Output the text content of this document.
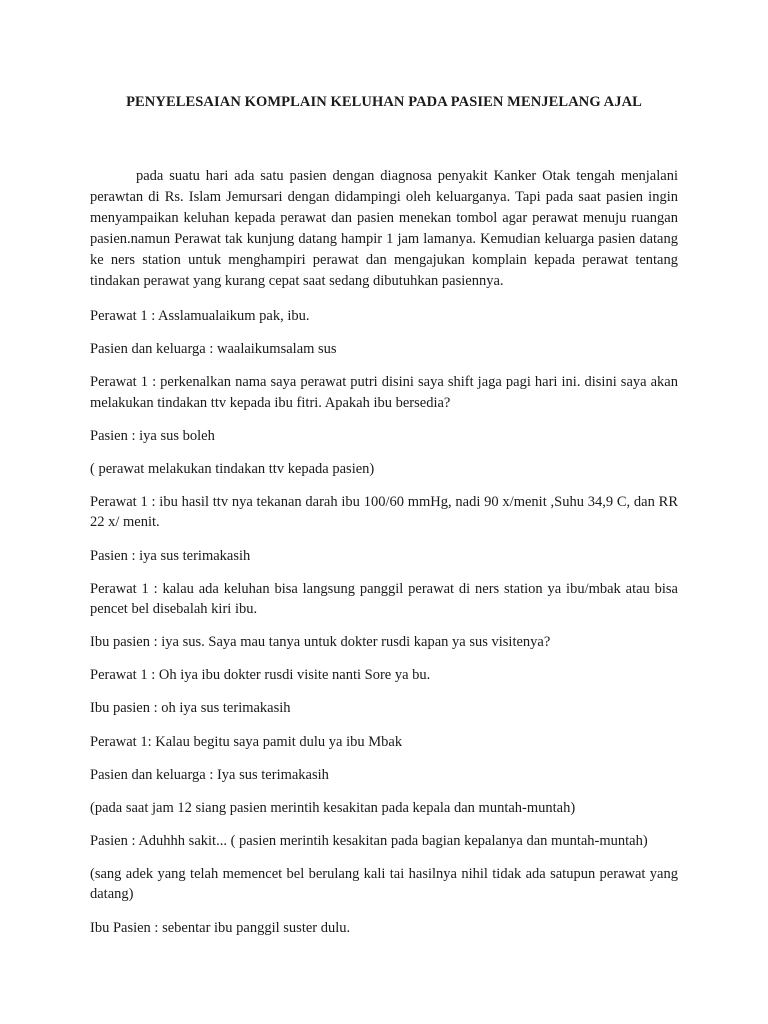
PENYELESAIAN KOMPLAIN KELUHAN PADA PASIEN MENJELANG AJAL

pada suatu hari ada satu pasien dengan diagnosa penyakit Kanker Otak tengah menjalani perawtan di Rs. Islam Jemursari dengan didampingi oleh keluarganya. Tapi pada saat pasien ingin menyampaikan keluhan kepada perawat dan pasien menekan tombol agar perawat menuju ruangan pasien.namun Perawat tak kunjung datang hampir 1 jam lamanya. Kemudian keluarga pasien datang ke ners station untuk menghampiri perawat dan mengajukan komplain kepada perawat tentang tindakan perawat yang kurang cepat saat sedang dibutuhkan pasiennya.

Perawat 1 : Asslamualaikum pak, ibu.

Pasien dan keluarga : waalaikumsalam sus

Perawat 1 : perkenalkan nama saya perawat putri disini saya shift jaga pagi hari ini. disini saya akan melakukan tindakan ttv kepada ibu fitri. Apakah ibu bersedia?

Pasien : iya sus boleh

( perawat melakukan tindakan ttv kepada pasien)

Perawat 1 : ibu hasil ttv nya tekanan darah ibu 100/60 mmHg, nadi 90 x/menit ,Suhu 34,9 C, dan RR 22 x/ menit.

Pasien : iya sus terimakasih

Perawat 1 : kalau ada keluhan bisa langsung panggil perawat di ners station ya ibu/mbak atau bisa pencet bel disebalah kiri ibu.

Ibu pasien : iya sus. Saya mau tanya untuk dokter rusdi kapan ya sus visitenya?

Perawat 1 : Oh iya ibu dokter rusdi visite nanti Sore ya bu.

Ibu pasien : oh iya sus terimakasih

Perawat 1: Kalau begitu saya pamit dulu ya ibu Mbak

Pasien dan keluarga : Iya sus terimakasih

(pada saat jam 12 siang pasien merintih kesakitan pada kepala dan muntah-muntah)

Pasien : Aduhhh sakit... ( pasien merintih kesakitan pada bagian kepalanya dan muntah-muntah)

(sang adek yang telah memencet bel berulang kali tai hasilnya nihil tidak ada satupun perawat yang datang)

Ibu Pasien : sebentar ibu panggil suster dulu.
